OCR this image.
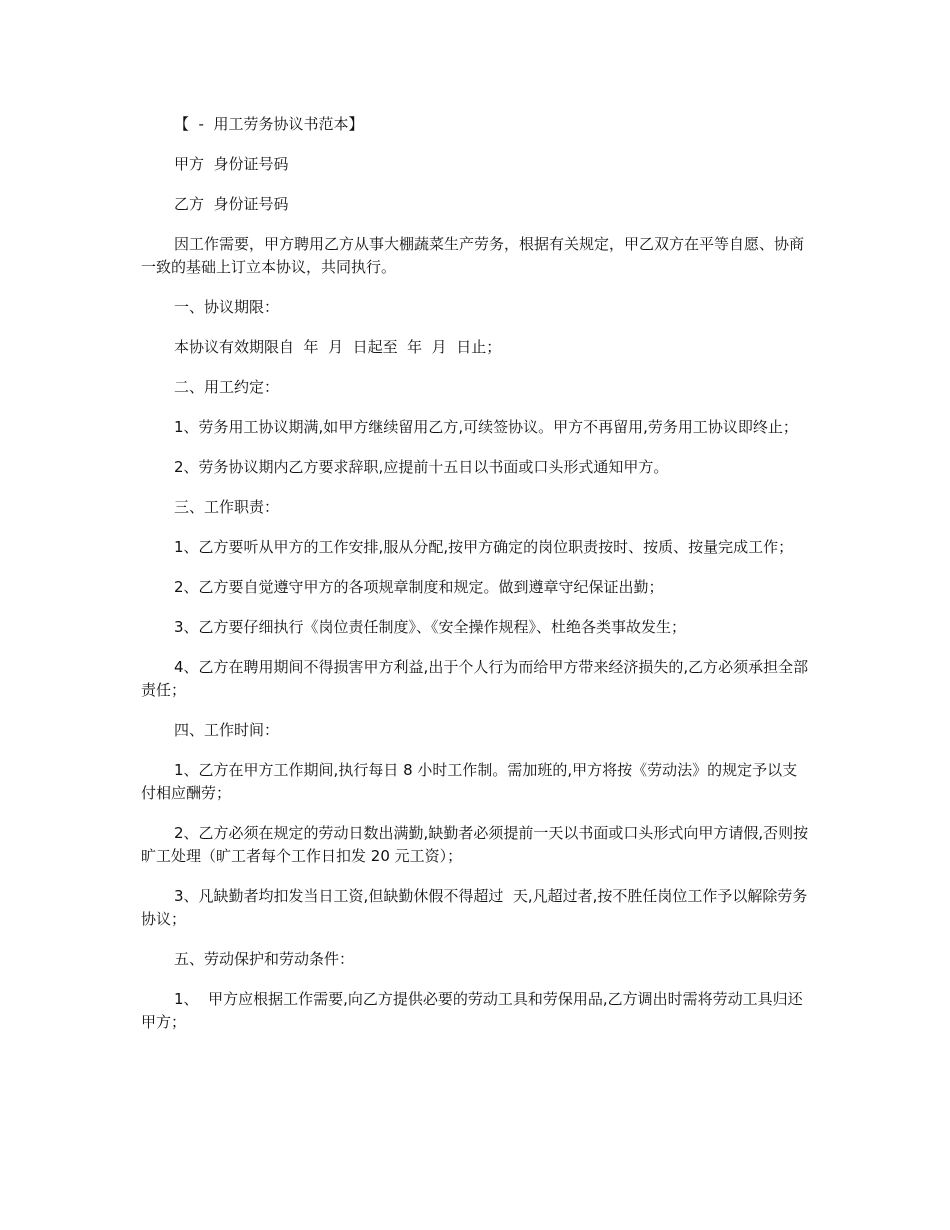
【  -  用工劳务协议书范本】

甲方  身份证号码

乙方  身份证号码

因工作需要，甲方聘用乙方从事大棚蔬菜生产劳务，根据有关规定，甲乙双方在平等自愿、协商一致的基础上订立本协议，共同执行。

一、协议期限：

本协议有效期限自  年  月  日起至  年  月  日止；

二、用工约定：

1、劳务用工协议期满,如甲方继续留用乙方,可续签协议。甲方不再留用,劳务用工协议即终止；

2、劳务协议期内乙方要求辞职,应提前十五日以书面或口头形式通知甲方。

三、工作职责：

1、乙方要听从甲方的工作安排,服从分配,按甲方确定的岗位职责按时、按质、按量完成工作；

2、乙方要自觉遵守甲方的各项规章制度和规定。做到遵章守纪保证出勤；

3、乙方要仔细执行《岗位责任制度》、《安全操作规程》、杜绝各类事故发生；

4、乙方在聘用期间不得损害甲方利益,出于个人行为而给甲方带来经济损失的,乙方必须承担全部责任；

四、工作时间：

1、乙方在甲方工作期间,执行每日 8 小时工作制。需加班的,甲方将按《劳动法》的规定予以支付相应酬劳；

2、乙方必须在规定的劳动日数出满勤,缺勤者必须提前一天以书面或口头形式向甲方请假,否则按旷工处理（旷工者每个工作日扣发 20 元工资）；

3、凡缺勤者均扣发当日工资,但缺勤休假不得超过  天,凡超过者,按不胜任岗位工作予以解除劳务协议；

五、劳动保护和劳动条件：

1、  甲方应根据工作需要,向乙方提供必要的劳动工具和劳保用品,乙方调出时需将劳动工具归还甲方；
